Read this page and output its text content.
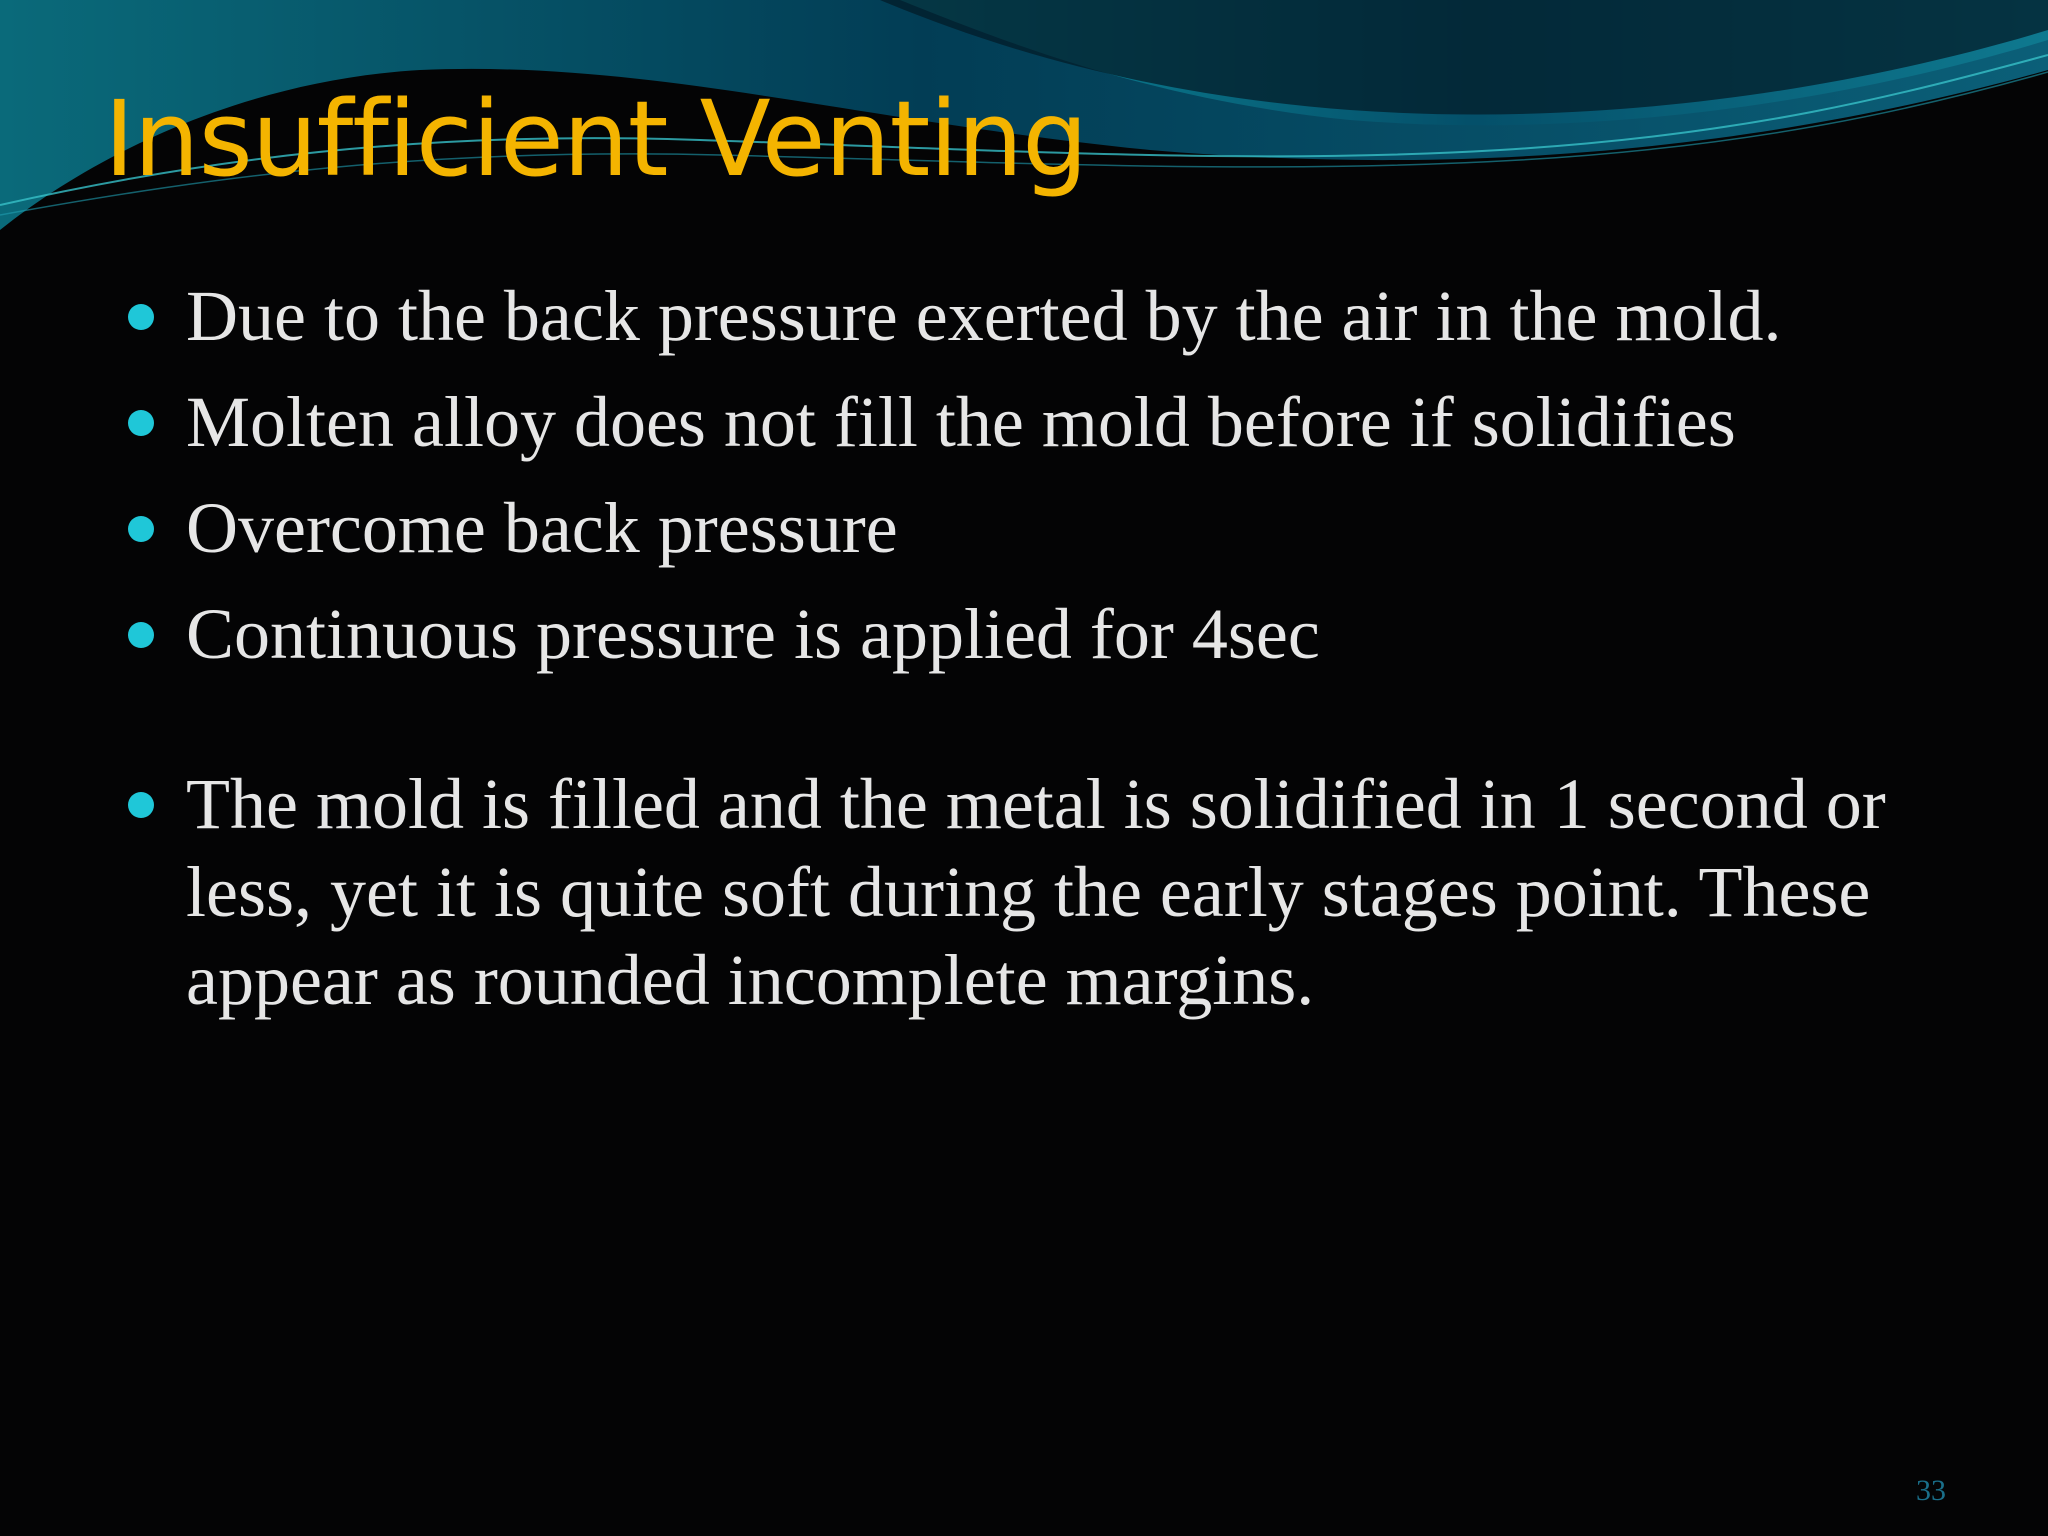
Insufficient Venting
Due to the back pressure exerted by the air in the mold.
Molten alloy does not fill the mold before if solidifies
Overcome back pressure
Continuous pressure is applied for 4sec
The mold is filled and the metal is solidified in 1 second or less, yet it is quite soft during the early stages point. These appear as rounded incomplete margins.
33
